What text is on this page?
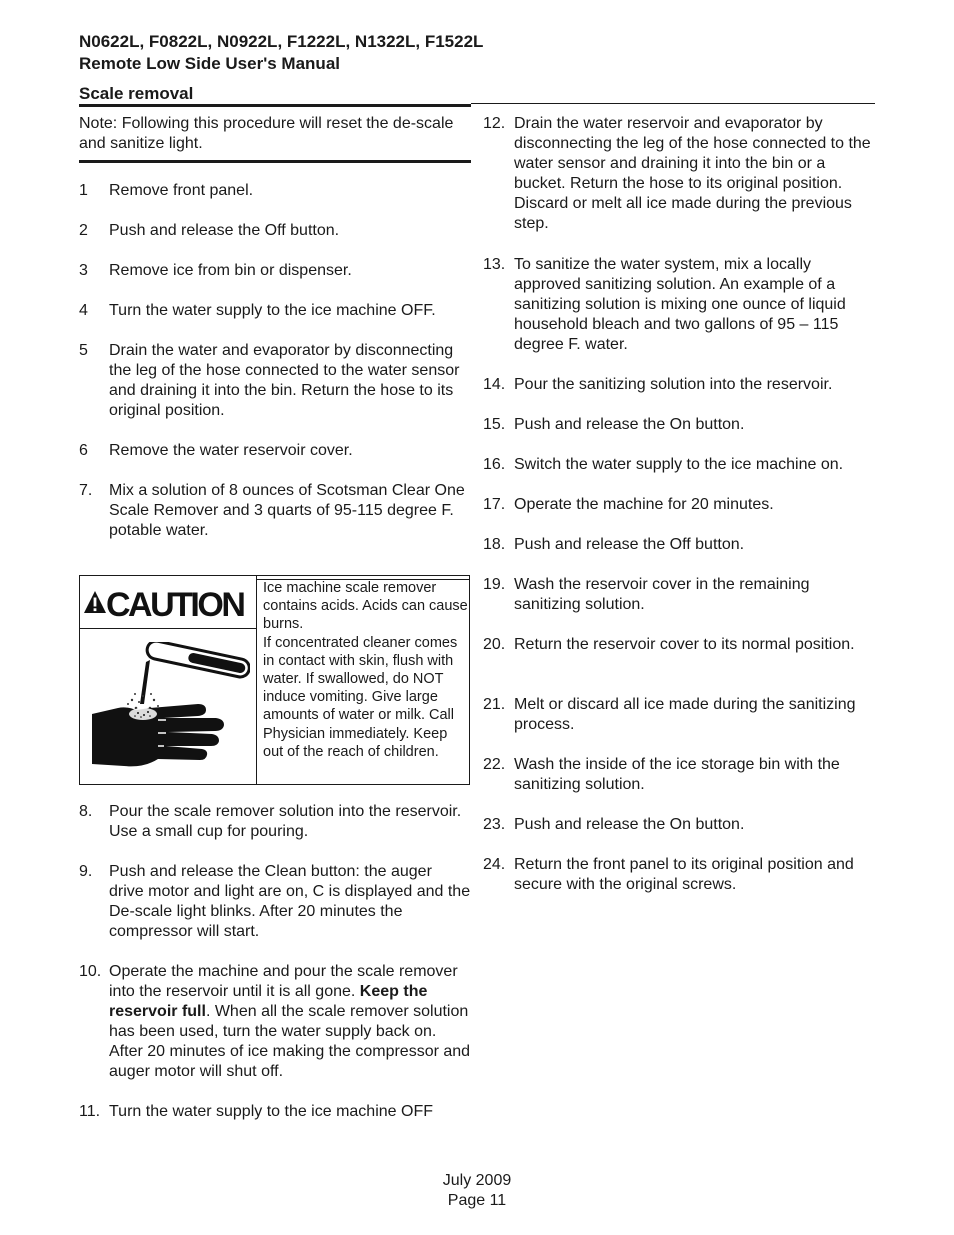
N0622L, F0822L, N0922L, F1222L, N1322L, F1522L
Remote Low Side User's Manual
Scale removal
Note: Following this procedure will reset the de-scale and sanitize light.
1 Remove front panel.
2 Push and release the Off button.
3 Remove ice from bin or dispenser.
4 Turn the water supply to the ice machine OFF.
5 Drain the water and evaporator by disconnecting the leg of the hose connected to the water sensor and draining it into the bin. Return the hose to its original position.
6 Remove the water reservoir cover.
7. Mix a solution of 8 ounces of Scotsman Clear One Scale Remover and 3 quarts of 95-115 degree F. potable water.
CAUTION Ice machine scale remover contains acids. Acids can cause burns.

If concentrated cleaner comes in contact with skin, flush with water. If swallowed, do NOT induce vomiting. Give large amounts of water or milk. Call Physician immediately. Keep out of the reach of children.

8. Pour the scale remover solution into the reservoir. Use a small cup for pouring.
9. Push and release the Clean button: the auger drive motor and light are on, C is displayed and the De-scale light blinks. After 20 minutes the compressor will start.
10. Operate the machine and pour the scale remover into the reservoir until it is all gone. Keep the reservoir full. When all the scale remover solution has been used, turn the water supply back on. After 20 minutes of ice making the compressor and auger motor will shut off.
11. Turn the water supply to the ice machine OFF
12. Drain the water reservoir and evaporator by disconnecting the leg of the hose connected to the water sensor and draining it into the bin or a bucket. Return the hose to its original position. Discard or melt all ice made during the previous step.
13. To sanitize the water system, mix a locally approved sanitizing solution. An example of a sanitizing solution is mixing one ounce of liquid household bleach and two gallons of 95 – 115 degree F. water.
14. Pour the sanitizing solution into the reservoir.
15. Push and release the On button.
16. Switch the water supply to the ice machine on.
17. Operate the machine for 20 minutes.
18. Push and release the Off button.
19. Wash the reservoir cover in the remaining sanitizing solution.
20. Return the reservoir cover to its normal position.
21. Melt or discard all ice made during the sanitizing process.
22. Wash the inside of the ice storage bin with the sanitizing solution.
23. Push and release the On button.
24. Return the front panel to its original position and secure with the original screws.
July 2009
Page 11
